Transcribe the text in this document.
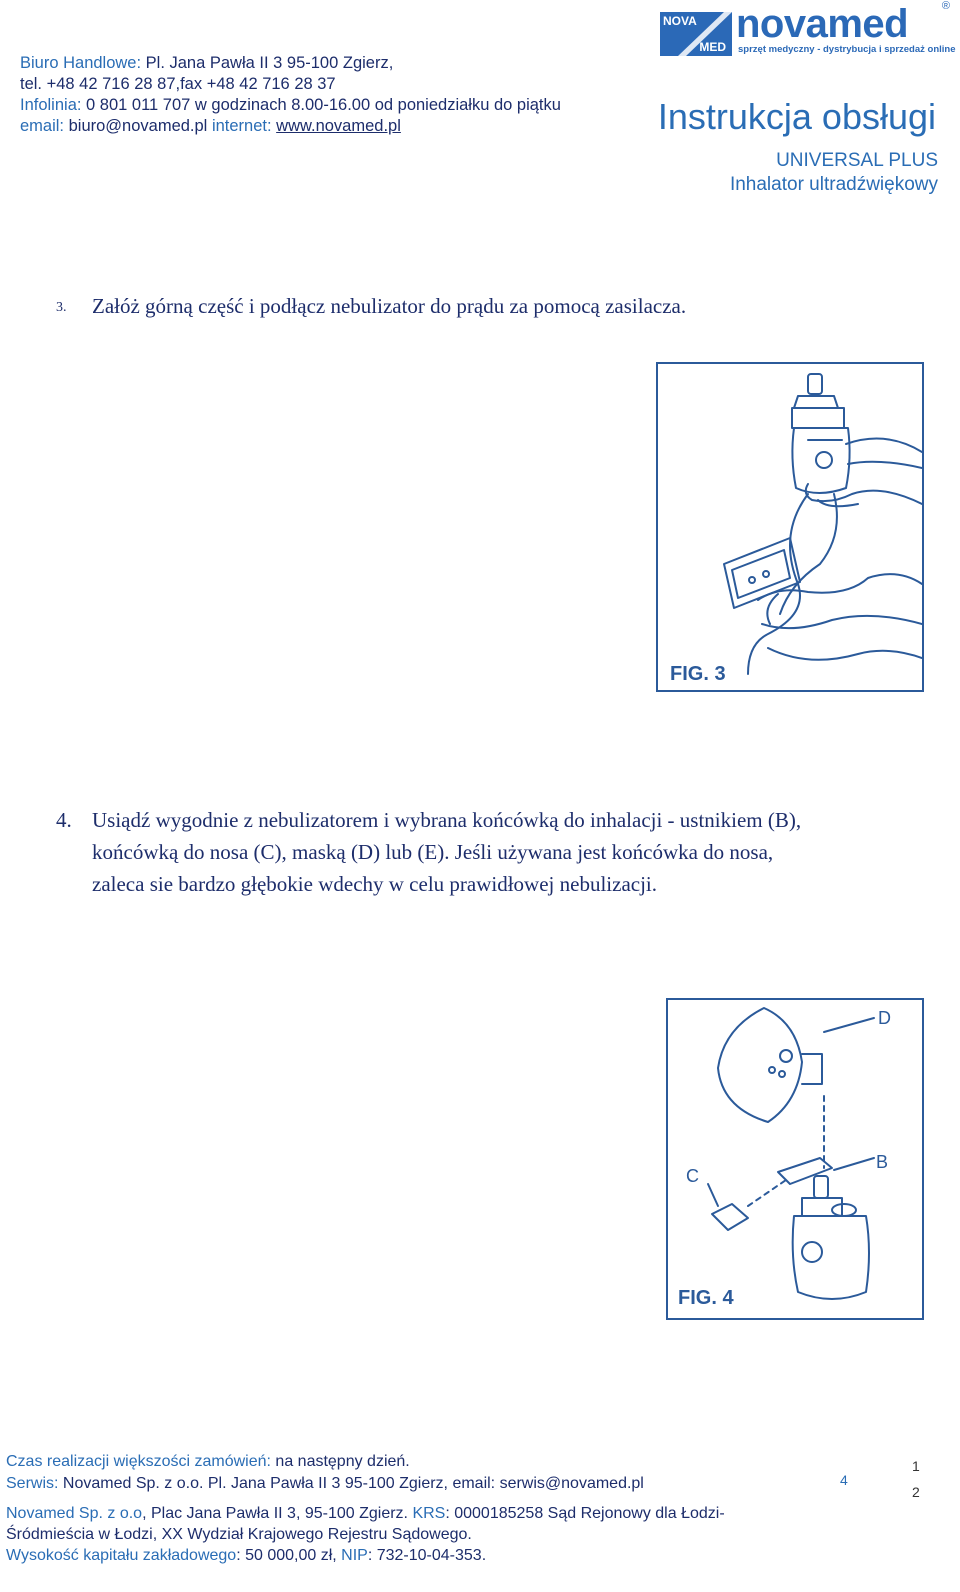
Biuro Handlowe: Pl. Jana Pawła II 3 95-100 Zgierz,
tel. +48 42 716 28 87,fax +48 42 716 28 37
Infolinia: 0 801 011 707 w godzinach 8.00-16.00 od poniedziałku do piątku
email: biuro@novamed.pl internet: www.novamed.pl
NOVA
MED
novamed	®
sprzęt medyczny - dystrybucja i sprzedaż online
Instrukcja obsługi
UNIVERSAL PLUS
Inhalator ultradźwiękowy
3. Załóż górną część i podłącz nebulizator do prądu za pomocą zasilacza.
FIG. 3
4. Usiądź wygodnie z nebulizatorem i wybrana końcówką do inhalacji - ustnikiem (B),
końcówką do nosa (C), maską (D) lub (E). Jeśli używana jest końcówka do nosa,
zaleca sie bardzo głębokie wdechy w celu prawidłowej nebulizacji.
D
C
B
FIG. 4
Czas realizacji większości zamówień: na następny dzień.
Serwis: Novamed Sp. z o.o. Pl. Jana Pawła II 3 95-100 Zgierz, email: serwis@novamed.pl
Novamed Sp. z o.o, Plac Jana Pawła II 3, 95-100 Zgierz. KRS: 0000185258 Sąd Rejonowy dla Łodzi-
Śródmieścia w Łodzi, XX Wydział Krajowego Rejestru Sądowego.
Wysokość kapitału zakładowego: 50 000,00 zł, NIP: 732-10-04-353.
4
1
2
